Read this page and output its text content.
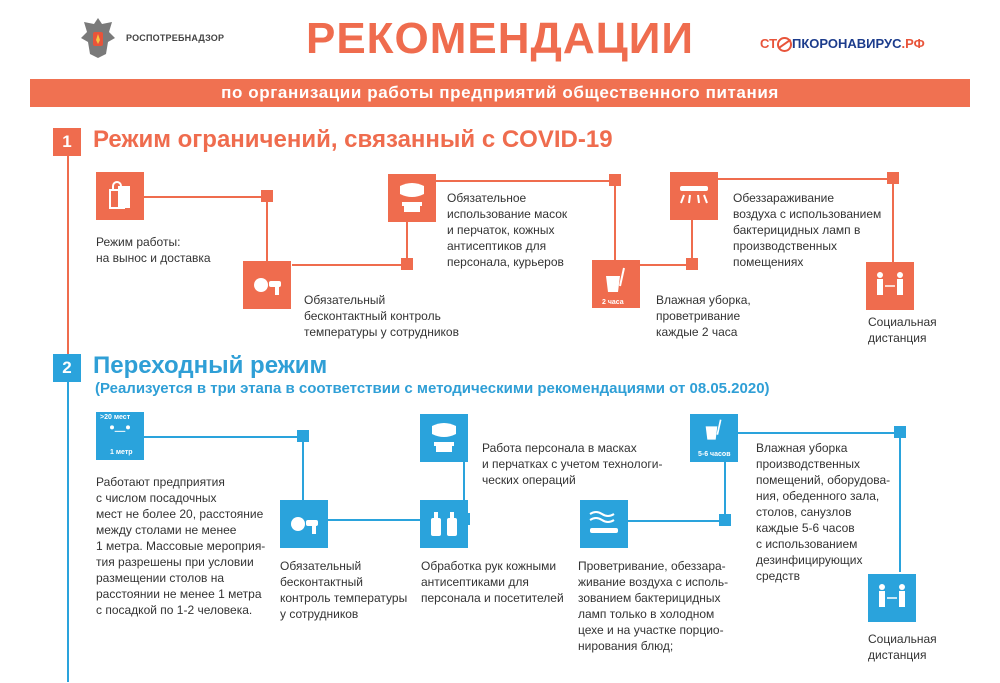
РОСПОТРЕБНАДЗОР	РЕКОМЕНДАЦИИ	СТ ПКОРОНАВИРУС.РФ
по организации работы предприятий общественного питания
1 Режим ограничений, связанный с COVID-19
Режим работы:
на вынос и доставка
Обязательный
бесконтактный контроль
температуры у сотрудников
Обязательное
использование масок
и перчаток, кожных
антисептиков для
персонала, курьеров
2 часа	Влажная уборка,
проветривание
каждые 2 часа
Обеззараживание
воздуха с использованием
бактерицидных ламп в
производственных
помещениях
Социальная
дистанция
2 Переходный режим
(Реализуется в три этапа в соответствии с методическими рекомендациями от 08.05.2020)
>20 мест
1 метр
Работают предприятия
с числом посадочных
мест не более 20, расстояние
между столами не менее
1 метра. Массовые мероприя-
тия разрешены при условии
размещении столов на
расстоянии не менее 1 метра
с посадкой по 1-2 человека.
Обязательный
бесконтактный
контроль температуры
у сотрудников
Работа персонала в масках
и перчатках с учетом технологи-
ческих операций
Обработка рук кожными
антисептиками для
персонала и посетителей
Проветривание, обеззара-
живание воздуха с исполь-
зованием бактерицидных
ламп только в холодном
цехе и на участке порцио-
нирования блюд;
5-6 часов Влажная уборка
производственных
помещений, оборудова-
ния, обеденного зала,
столов, санузлов
каждые 5-6 часов
с использованием
дезинфицирующих
средств
Социальная
дистанция
